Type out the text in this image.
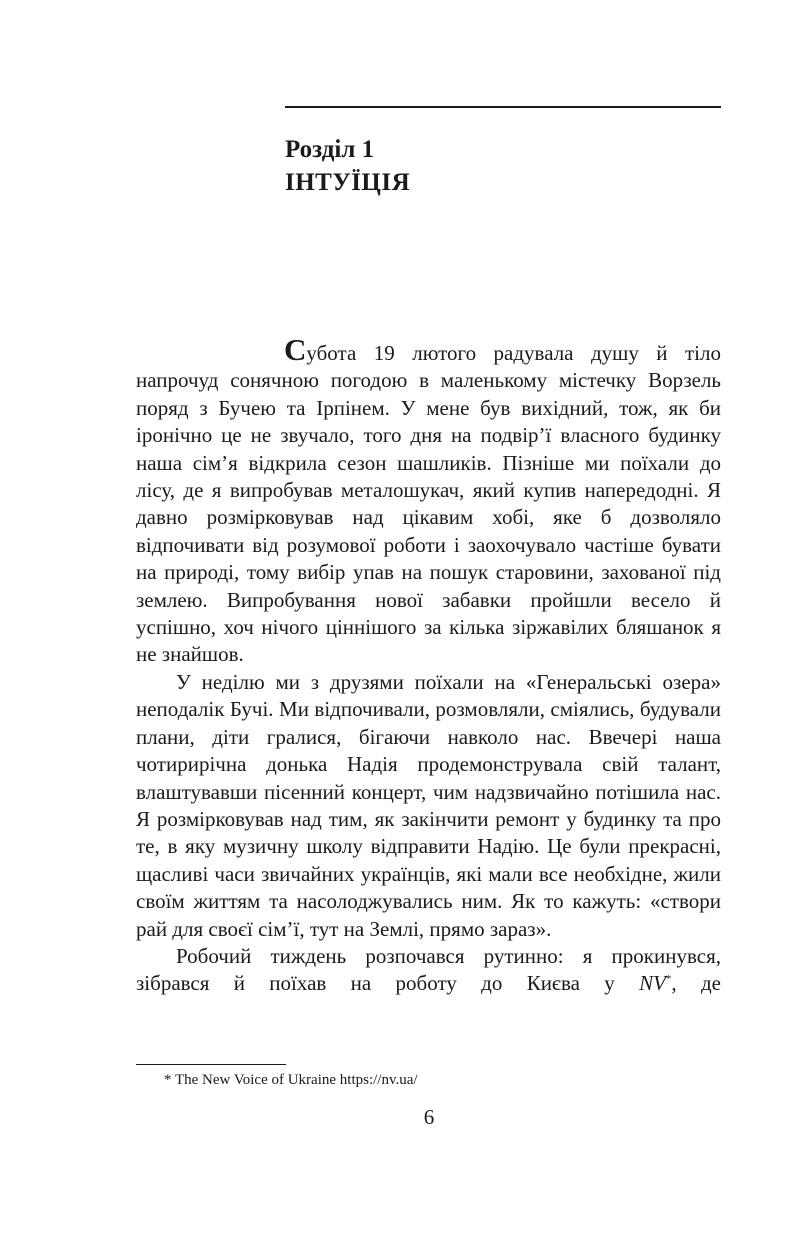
Розділ 1
ІНТУЇЦІЯ

Субота 19 лютого радувала душу й тіло напрочуд сонячною погодою в маленькому містечку Ворзель поряд з Бучею та Ірпінем. У мене був вихідний, тож, як би іронічно це не звучало, того дня на подвір’ї власного будинку наша сім’я відкрила сезон шашликів. Пізніше ми поїхали до лісу, де я випробував металошукач, який купив напередодні. Я давно розмірковував над цікавим хобі, яке б дозволяло відпочивати від розумової роботи і заохочувало частіше бувати на природі, тому вибір упав на пошук старовини, захованої під землею. Випробування нової забавки пройшли весело й успішно, хоч нічого ціннішого за кілька зіржавілих бляшанок я не знайшов.

У неділю ми з друзями поїхали на «Генеральські озера» неподалік Бучі. Ми відпочивали, розмовляли, сміялись, будували плани, діти гралися, бігаючи навколо нас. Ввечері наша чотирирічна донька Надія продемонструвала свій талант, влаштувавши пісенний концерт, чим надзвичайно потішила нас. Я розмірковував над тим, як закінчити ремонт у будинку та про те, в яку музичну школу відправити Надію. Це були прекрасні, щасливі часи звичайних українців, які мали все необхідне, жили своїм життям та насолоджувались ним. Як то кажуть: «створи рай для своєї сім’ї, тут на Землі, прямо зараз».

Робочий тиждень розпочався рутинно: я прокинувся, зібрався й поїхав на роботу до Києва у NV*, де

* The New Voice of Ukraine https://nv.ua/

6
